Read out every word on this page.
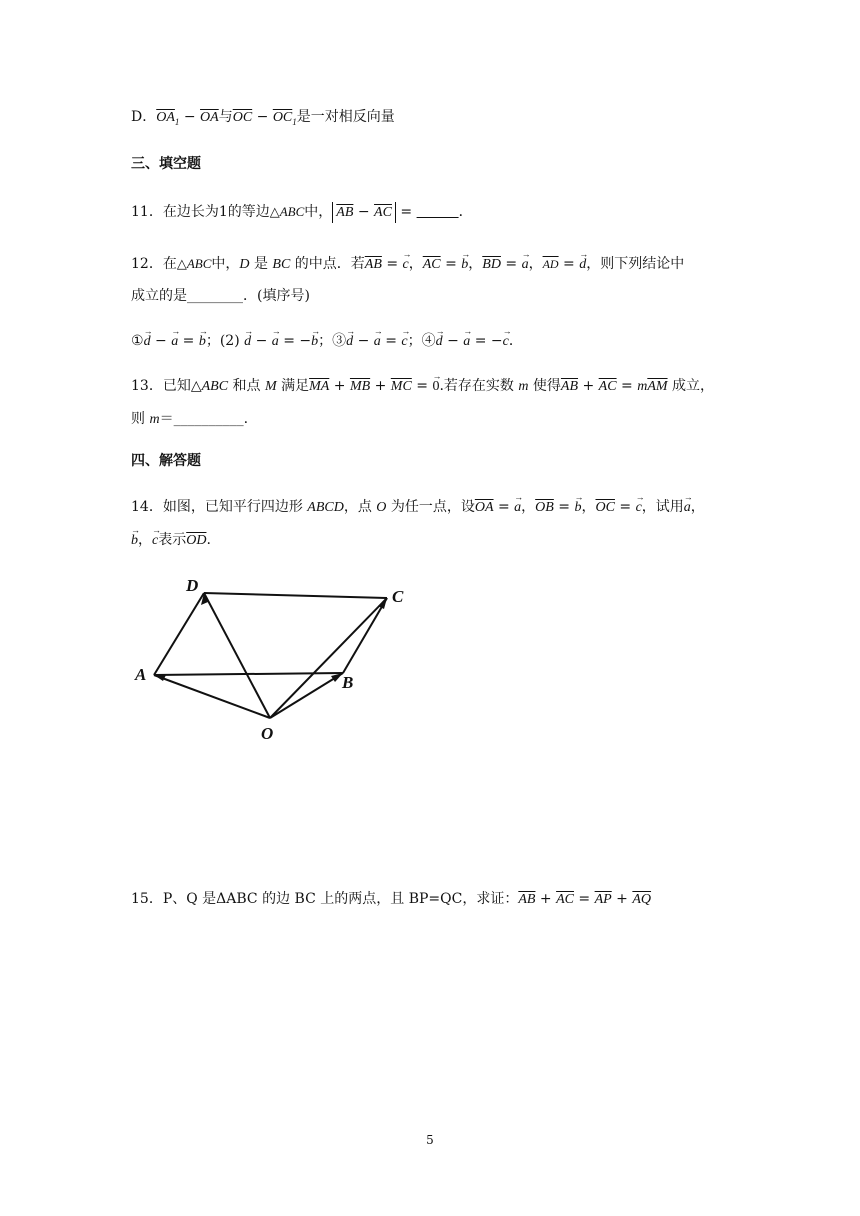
D．$\overline{OA}_1 - \overline{OA}$与$\overline{OC} - \overline{OC}_1$是一对相反向量
三、填空题
11．在边长为1的等边△ABC中， $\overline{AB} - \overline{AC}$ =	．
12．在△ABC中，D 是 BC 的中点．若$\overline{AB}$ = → c，$\overline{AC}$ = → b，$\overline{BD}$ = → a，$\overline{AD}$ = → d，则下列结论中
成立的是________．(填序号)
①→ d − → a = → b；(2) → d − → a = −→ b；③→ d − → a = → c；④→ d − → a = −→ c．
13．已知△ABC 和点 M 满足$\overline{MA} + \overline{MB} + \overline{MC}$ = → 0.若存在实数 m 使得$\overline{AB} + \overline{AC} = m\overline{AM}$ 成立，
则 m＝__________.
四、解答题
14．如图，已知平行四边形 ABCD，点 O 为任一点，设$\overline{OA}$ = → a，$\overline{OB}$ = → b，$\overline{OC}$ = → c，试用→ a，
→ b，→ c表示$\overline{OD}$.
D
C
A	B
O
15．P、Q 是ΔABC 的边 BC 上的两点，且 BP=QC，求证：$\overline{AB} + \overline{AC} = \overline{AP} + \overline{AQ}$
5
